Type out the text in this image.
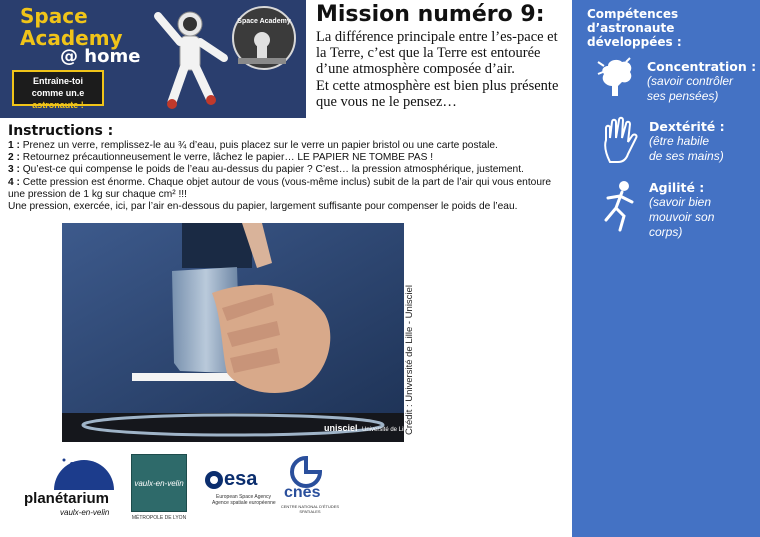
Space
Academy
@ home
Entraîne-toi
comme un.e
astronaute !
Space Academy Mission numéro 9:

La différence principale entre l’es-pace et la Terre, c’est que la Terre est entourée d’une atmosphère composée d’air.

Et cette atmosphère est bien plus présente que vous ne le pensez…

Instructions :

1 : Prenez un verre, remplissez-le au ¾ d’eau, puis placez sur le verre un papier bristol ou une carte postale.

2 : Retournez précautionneusement le verre, lâchez le papier… LE PAPIER NE TOMBE PAS !

3 : Qu’est-ce qui compense le poids de l’eau au-dessus du papier ? C’est… la pression atmosphérique, justement.

4 : Cette pression est énorme. Chaque objet autour de vous (vous-même inclus) subit de la part de l’air qui vous entoure une pression de 1 kg sur chaque cm² !!!

Une pression, exercée, ici, par l’air en-dessous du papier, largement suffisante pour compenser le poids de l’eau.

unisciel Université de Lille
Crédit : Université de Lille - Unisciel
planétarium
vaulx-en-velin
vaulx-en-velin
MÉTROPOLE DE LYON
esa
European Space Agency
Agence spatiale européenne
cnes
CENTRE NATIONAL D’ÉTUDES SPATIALES
Compétences d’astronaute développées :
Concentration :
(savoir contrôler
ses pensées)
Dextérité :
(être habile
de ses mains)
Agilité :
(savoir bien
mouvoir son
corps)
